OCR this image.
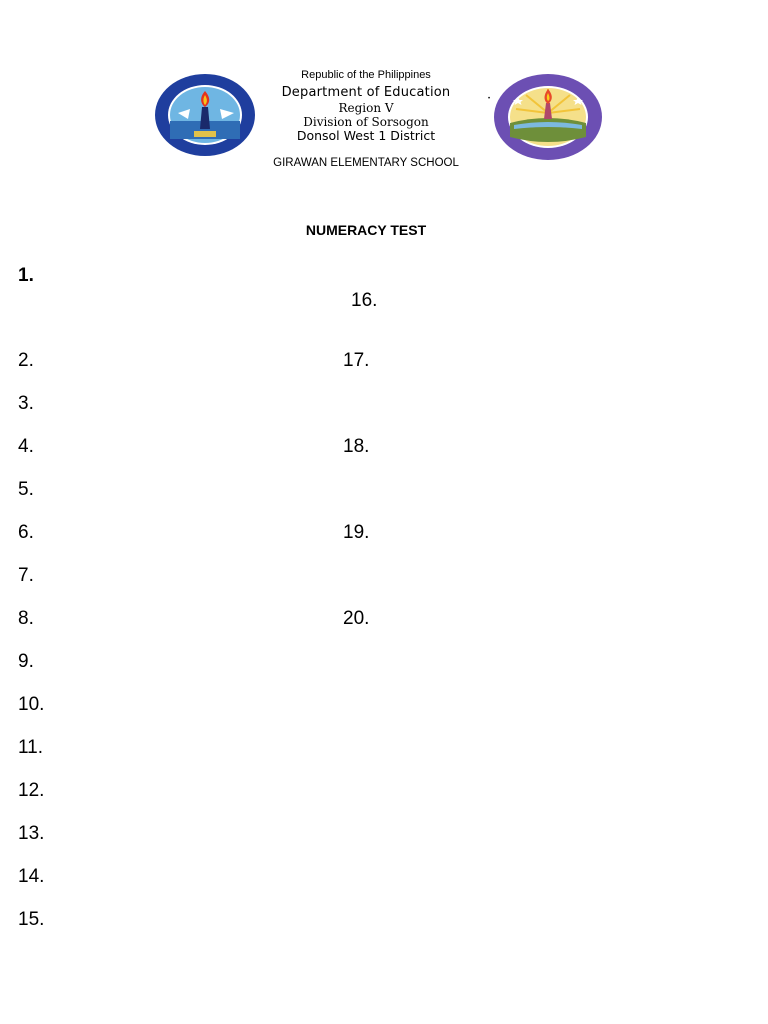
Republic of the Philippines
Department of Education
Region V
Division of Sorsogon
Donsol West 1 District
GIRAWAN ELEMENTARY SCHOOL
•
NUMERACY TEST
1.
2.
3.
4.
5.
6.
7.
8.
9.
10.
11.
12.
13.
14.
15.
16.
17.
18.
19.
20.
